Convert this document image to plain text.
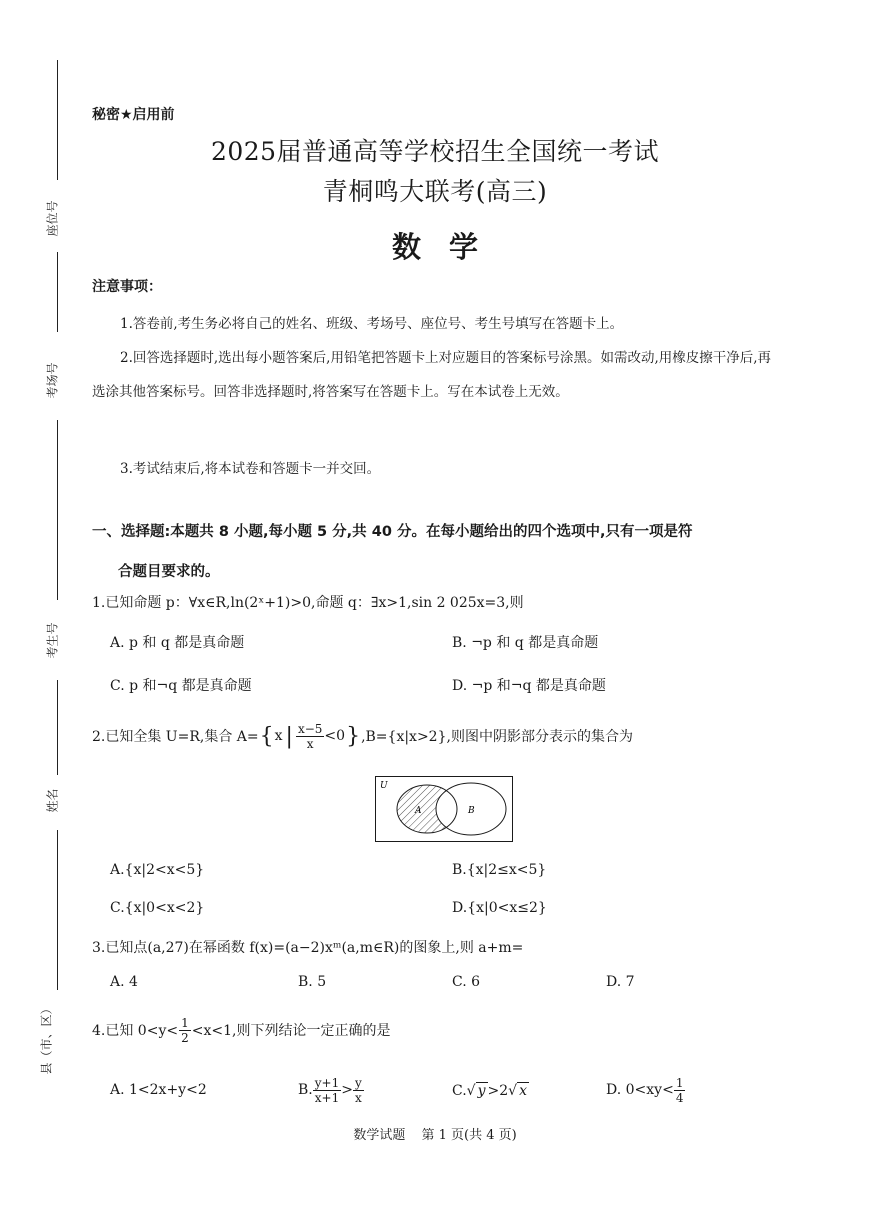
座位号
考场号
考生号
姓名
县（市、区）
秘密★启用前
2025届普通高等学校招生全国统一考试
青桐鸣大联考(高三)
数学
注意事项：
1.答卷前,考生务必将自己的姓名、班级、考场号、座位号、考生号填写在答题卡上。
2.回答选择题时,选出每小题答案后,用铅笔把答题卡上对应题目的答案标号涂黑。如需改动,用橡皮擦干净后,再选涂其他答案标号。回答非选择题时,将答案写在答题卡上。写在本试卷上无效。
3.考试结束后,将本试卷和答题卡一并交回。
一、选择题:本题共 8 小题,每小题 5 分,共 40 分。在每小题给出的四个选项中,只有一项是符
合题目要求的。
1.已知命题 p：∀x∈R,ln(2ˣ+1)>0,命题 q：∃x>1,sin 2 025x=3,则
A. p 和 q 都是真命题	B. ¬p 和 q 都是真命题
C. p 和¬q 都是真命题	D. ¬p 和¬q 都是真命题
2.已知全集 U=R,集合 A= { x | $\frac{x-5}{x} <0$ } ,B={x|x>2},则图中阴影部分表示的集合为
U
A	B
A.{x|2<x<5}	B.{x|2≤x<5}
C.{x|0<x<2}	D.{x|0<x≤2}
3.已知点(a,27)在幂函数 f(x)=(a−2)xᵐ(a,m∈R)的图象上,则 a+m=
A. 4	B. 5	C. 6	D. 7
4.已知 $0<y< \frac{1}{2} <x<1$,则下列结论一定正确的是
A. 1<2x+y<2	B. $\frac{y+1}{x+1} > \frac{y}{x}$	C. √ y >2 √ x	D. $0<xy< \frac{1}{4}$
数学试题 第 1 页(共 4 页)
